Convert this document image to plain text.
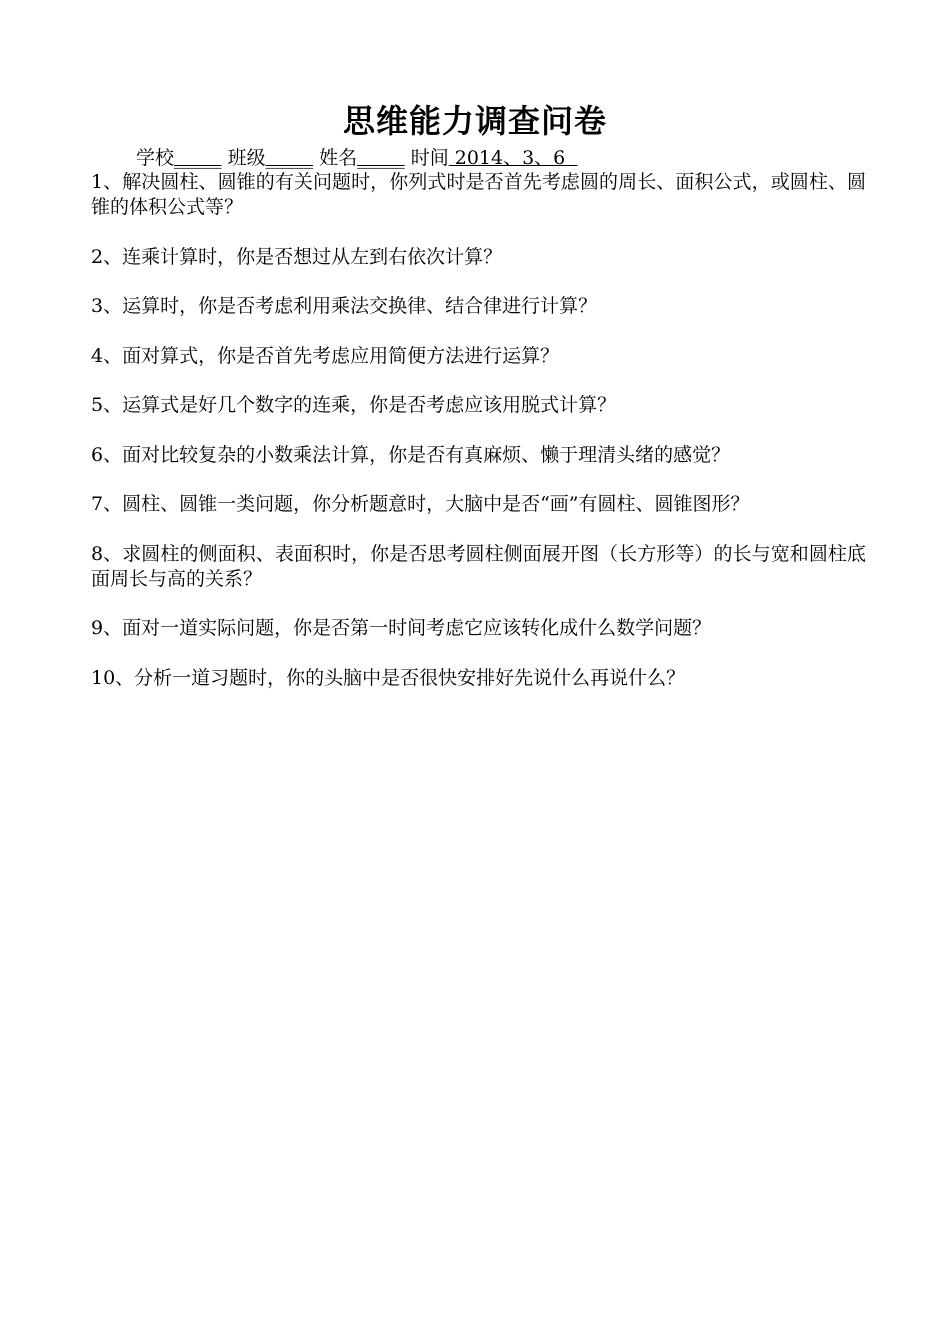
思维能力调查问卷
学校_____ 班级_____ 姓名_____ 时间 2014、3、6
1、解决圆柱、圆锥的有关问题时，你列式时是否首先考虑圆的周长、面积公式，或圆柱、圆锥的体积公式等？
2、连乘计算时，你是否想过从左到右依次计算？
3、运算时，你是否考虑利用乘法交换律、结合律进行计算？
4、面对算式，你是否首先考虑应用简便方法进行运算？
5、运算式是好几个数字的连乘，你是否考虑应该用脱式计算？
6、面对比较复杂的小数乘法计算，你是否有真麻烦、懒于理清头绪的感觉？
7、圆柱、圆锥一类问题，你分析题意时，大脑中是否“画”有圆柱、圆锥图形？
8、求圆柱的侧面积、表面积时，你是否思考圆柱侧面展开图（长方形等）的长与宽和圆柱底面周长与高的关系？
9、面对一道实际问题，你是否第一时间考虑它应该转化成什么数学问题？
10、分析一道习题时，你的头脑中是否很快安排好先说什么再说什么？
